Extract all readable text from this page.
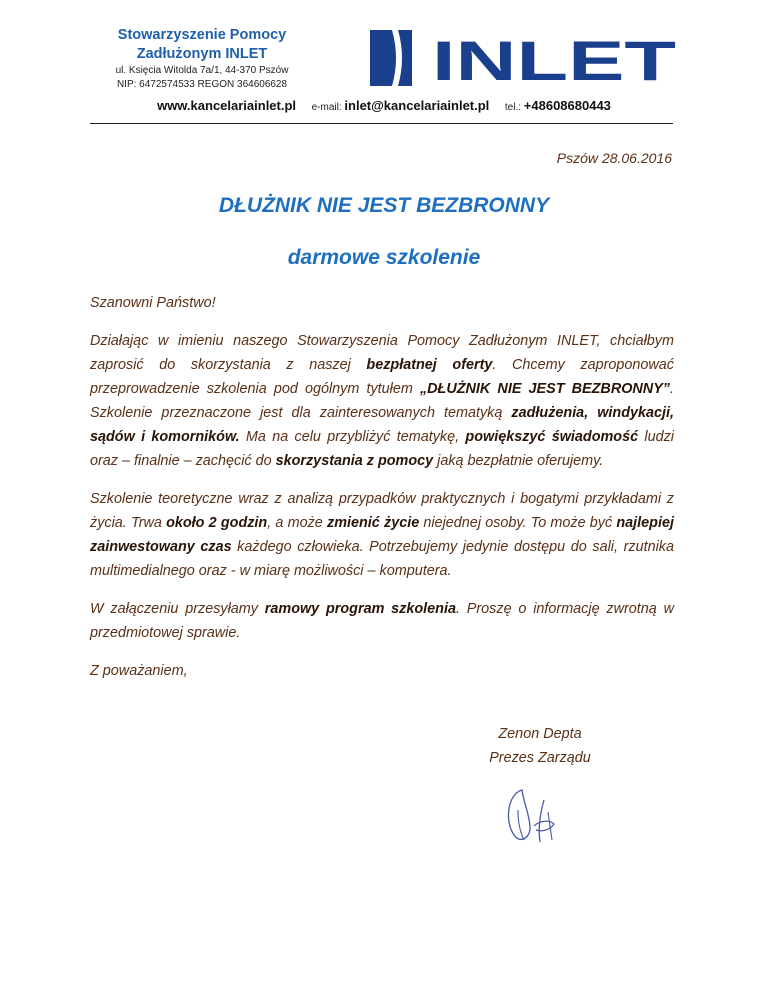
Stowarzyszenie Pomocy
Zadłużonym INLET
ul. Księcia Witolda 7a/1, 44-370 Pszów
NIP: 6472574533 REGON 364606628	INLET
www.kancelariainlet.pl e-mail: inlet@kancelariainlet.pl tel.: +48608680443
Pszów 28.06.2016
DŁUŻNIK NIE JEST BEZBRONNY
darmowe szkolenie

Szanowni Państwo!

Działając w imieniu naszego Stowarzyszenia Pomocy Zadłużonym INLET, chciałbym zaprosić do skorzystania z naszej bezpłatnej oferty. Chcemy zaproponować przeprowadzenie szkolenia pod ogólnym tytułem „DŁUŻNIK NIE JEST BEZBRONNY”. Szkolenie przeznaczone jest dla zainteresowanych tematyką zadłużenia, windykacji, sądów i komorników. Ma na celu przybliżyć tematykę, powiększyć świadomość ludzi oraz – finalnie – zachęcić do skorzystania z pomocy jaką bezpłatnie oferujemy.

Szkolenie teoretyczne wraz z analizą przypadków praktycznych i bogatymi przykładami z życia. Trwa około 2 godzin, a może zmienić życie niejednej osoby. To może być najlepiej zainwestowany czas każdego człowieka. Potrzebujemy jedynie dostępu do sali, rzutnika multimedialnego oraz - w miarę możliwości – komputera.

W załączeniu przesyłamy ramowy program szkolenia. Proszę o informację zwrotną w przedmiotowej sprawie.

Z poważaniem,

Zenon Depta
Prezes Zarządu
